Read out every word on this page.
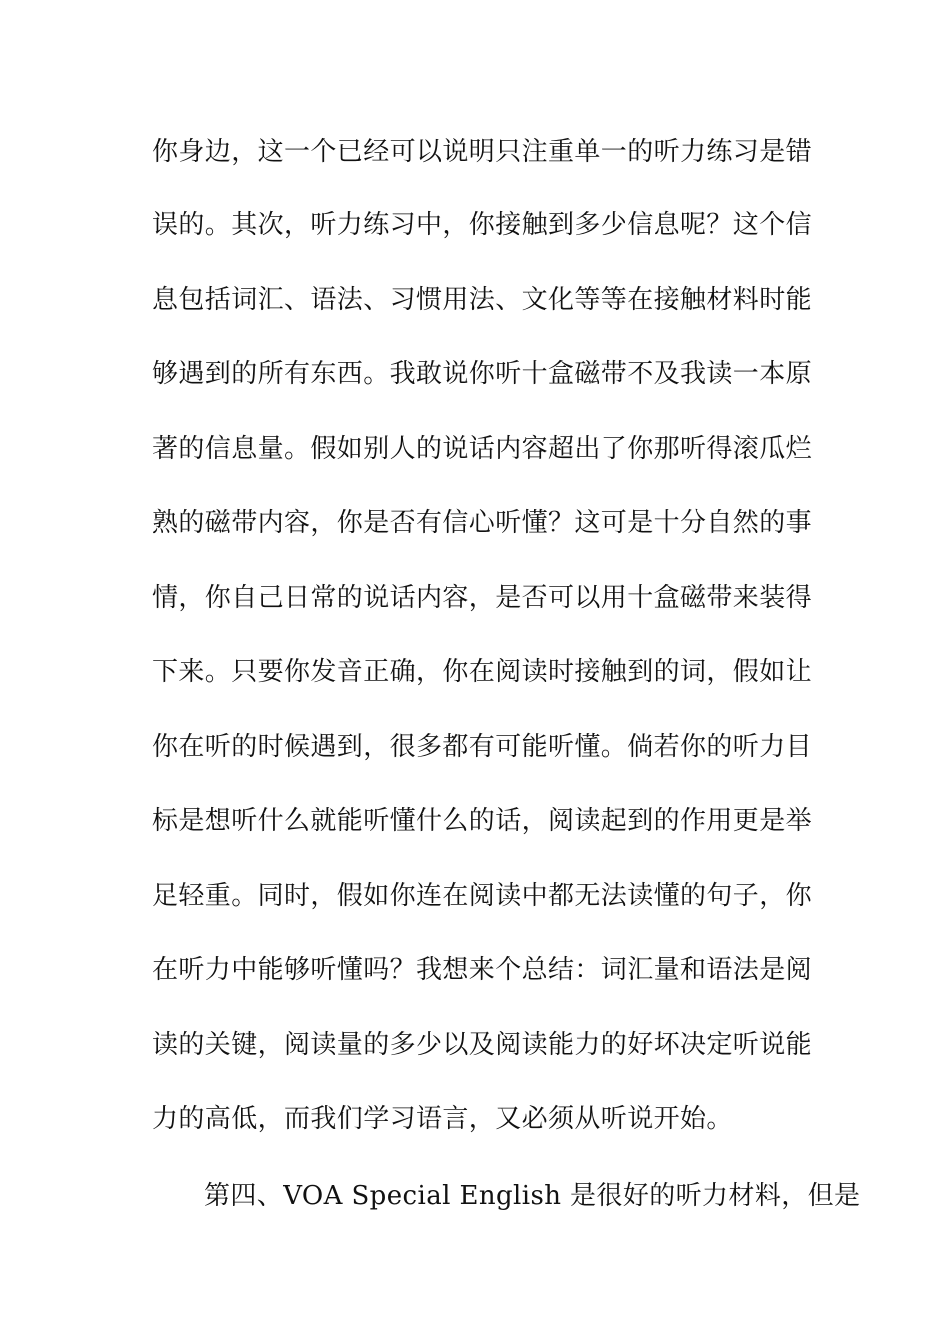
你身边，这一个已经可以说明只注重单一的听力练习是错
误的。其次，听力练习中，你接触到多少信息呢？这个信
息包括词汇、语法、习惯用法、文化等等在接触材料时能
够遇到的所有东西。我敢说你听十盒磁带不及我读一本原
著的信息量。假如别人的说话内容超出了你那听得滚瓜烂
熟的磁带内容，你是否有信心听懂？这可是十分自然的事
情，你自己日常的说话内容，是否可以用十盒磁带来装得
下来。只要你发音正确，你在阅读时接触到的词，假如让
你在听的时候遇到，很多都有可能听懂。倘若你的听力目
标是想听什么就能听懂什么的话，阅读起到的作用更是举
足轻重。同时，假如你连在阅读中都无法读懂的句子，你
在听力中能够听懂吗？我想来个总结：词汇量和语法是阅
读的关键，阅读量的多少以及阅读能力的好坏决定听说能
力的高低，而我们学习语言，又必须从听说开始。
第四、VOA Special English 是很好的听力材料，但是
